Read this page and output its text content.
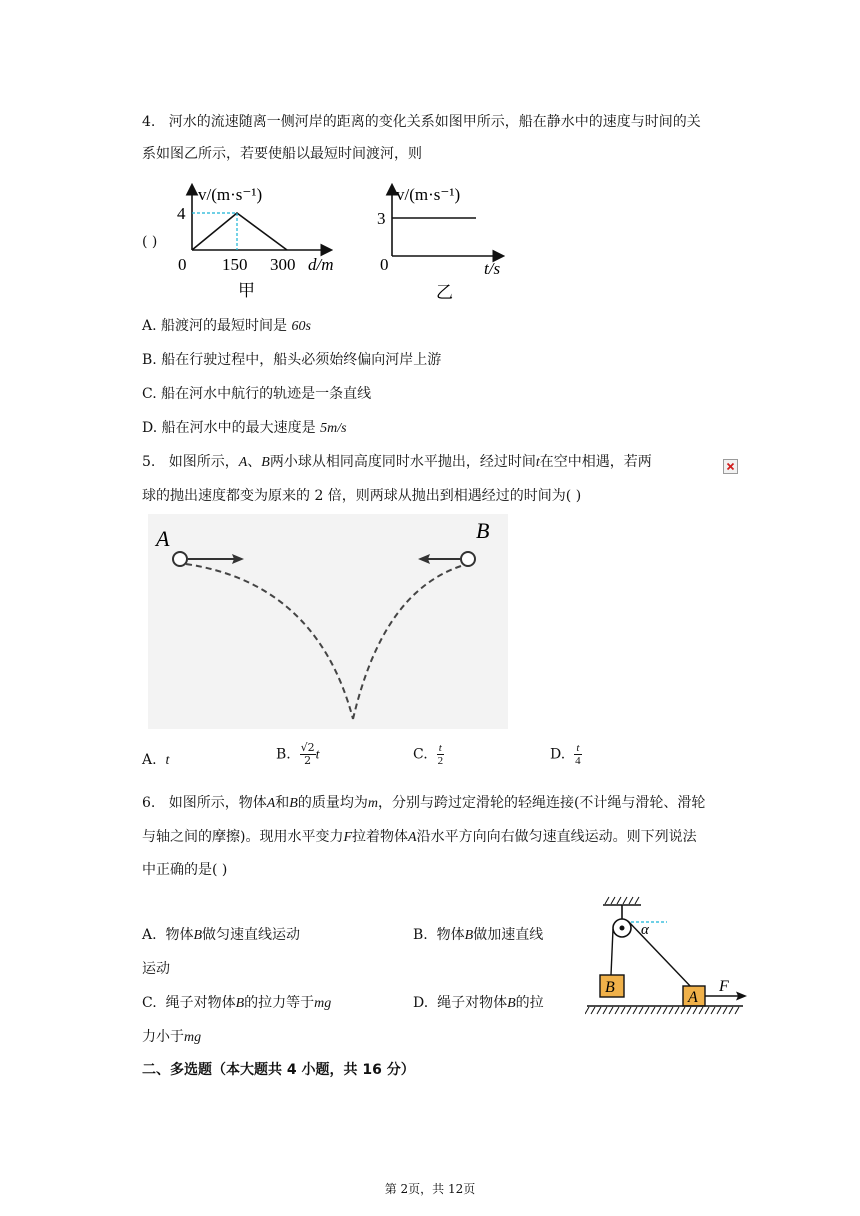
4. 河水的流速随离一侧河岸的距离的变化关系如图甲所示，船在静水中的速度与时间的关
系如图乙所示，若要使船以最短时间渡河，则
( )
v/(m·s⁻¹)
4
0 150 300 d/m
甲
v/(m·s⁻¹)
3
0	t/s
乙
A. 船渡河的最短时间是 60s
B. 船在行驶过程中，船头必须始终偏向河岸上游
C. 船在河水中航行的轨迹是一条直线
D. 船在河水中的最大速度是 5m/s
5. 如图所示，A、B两小球从相同高度同时水平抛出，经过时间t在空中相遇，若两
球的抛出速度都变为原来的 2 倍，则两球从抛出到相遇经过的时间为( )
A	B
A. t	B. $\frac{√2}{2}$ t	C. $\frac{t}{2}$	D. $\frac{t}{4}$
6. 如图所示，物体A和B的质量均为m，分别与跨过定滑轮的轻绳连接(不计绳与滑轮、滑轮
与轴之间的摩擦)。现用水平变力F拉着物体A沿水平方向向右做匀速直线运动。则下列说法
中正确的是( )
A. 物体B做匀速直线运动	B. 物体B做加速直线
运动
C. 绳子对物体B的拉力等于mg	D. 绳子对物体B的拉
力小于mg
α
B
A
F
二、多选题（本大题共 4 小题，共 16 分）
第 2页，共 12页
